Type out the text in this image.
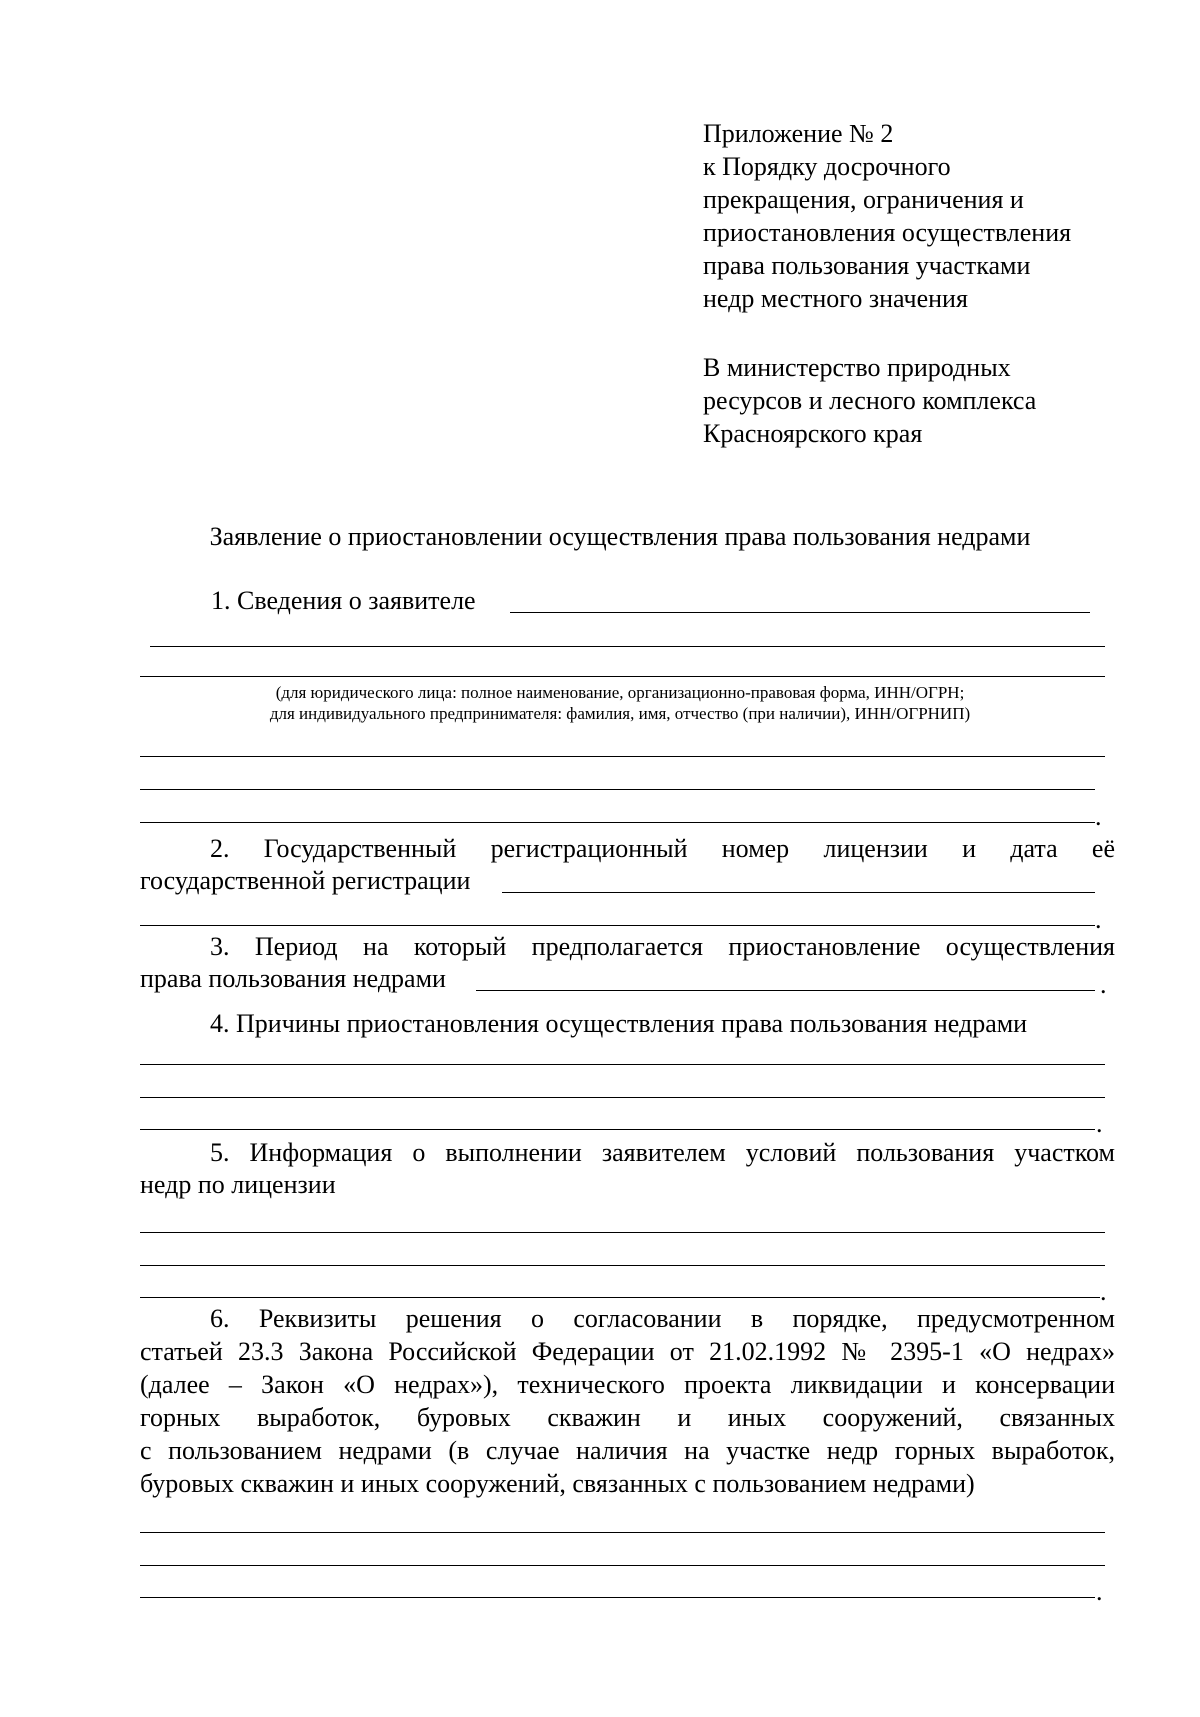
Приложение № 2
к Порядку досрочного
прекращения, ограничения и
приостановления осуществления
права пользования участками
недр местного значения
В министерство природных
ресурсов и лесного комплекса
Красноярского края
Заявление о приостановлении осуществления права пользования недрами
1. Сведения о заявителе
(для юридического лица: полное наименование, организационно-правовая форма, ИНН/ОГРН;
для индивидуального предпринимателя: фамилия, имя, отчество (при наличии), ИНН/ОГРНИП)
.
2. Государственный регистрационный номер лицензии и дата её
государственной регистрации
.
3. Период на который предполагается приостановление осуществления
права пользования недрами	.
4. Причины приостановления осуществления права пользования недрами
.
5. Информация о выполнении заявителем условий пользования участком
недр по лицензии
.
6. Реквизиты решения о согласовании в порядке, предусмотренном
статьей 23.3 Закона Российской Федерации от 21.02.1992 № 2395-1 «О недрах»
(далее – Закон «О недрах»), технического проекта ликвидации и консервации
горных выработок, буровых скважин и иных сооружений, связанных
с пользованием недрами (в случае наличия на участке недр горных выработок,
буровых скважин и иных сооружений, связанных с пользованием недрами)
.
